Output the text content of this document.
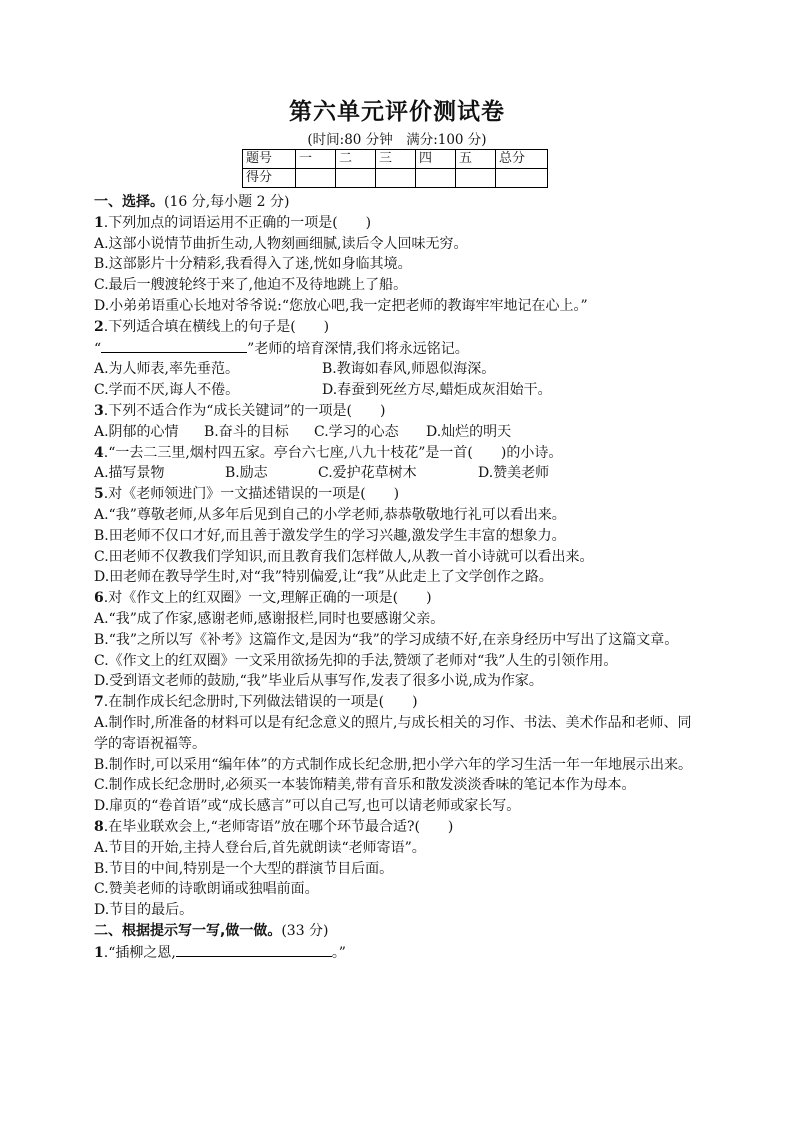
第六单元评价测试卷
(时间:80 分钟　满分:100 分)
题号	一	二	三	四	五	总分
得分						
一、选择。(16 分,每小题 2 分)
1.下列加点的词语运用不正确的一项是(　　)
A.这部小说情节曲折生动,人物刻画细腻,读后令人回味无穷。
B.这部影片十分精彩,我看得入了迷,恍如身临其境。
C.最后一艘渡轮终于来了,他迫不及待地跳上了船。
D.小弟弟语重心长地对爷爷说:“您放心吧,我一定把老师的教诲牢牢地记在心上。”
2.下列适合填在横线上的句子是(　　)
“	”老师的培育深情,我们将永远铭记。
A.为人师表,率先垂范。	B.教诲如春风,师恩似海深。
C.学而不厌,诲人不倦。	D.春蚕到死丝方尽,蜡炬成灰泪始干。
3.下列不适合作为“成长关键词”的一项是(　　)
A.阴郁的心情 B.奋斗的目标 C.学习的心态 D.灿烂的明天
4.“一去二三里,烟村四五家。亭台六七座,八九十枝花”是一首(　　)的小诗。
A.描写景物	B.励志	C.爱护花草树木	D.赞美老师
5.对《老师领进门》一文描述错误的一项是(　　)
A.“我”尊敬老师,从多年后见到自己的小学老师,恭恭敬敬地行礼可以看出来。
B.田老师不仅口才好,而且善于激发学生的学习兴趣,激发学生丰富的想象力。
C.田老师不仅教我们学知识,而且教育我们怎样做人,从教一首小诗就可以看出来。
D.田老师在教导学生时,对“我”特别偏爱,让“我”从此走上了文学创作之路。
6.对《作文上的红双圈》一文,理解正确的一项是(　　)
A.“我”成了作家,感谢老师,感谢报栏,同时也要感谢父亲。
B.“我”之所以写《补考》这篇作文,是因为“我”的学习成绩不好,在亲身经历中写出了这篇文章。
C.《作文上的红双圈》一文采用欲扬先抑的手法,赞颂了老师对“我”人生的引领作用。
D.受到语文老师的鼓励,“我”毕业后从事写作,发表了很多小说,成为作家。
7.在制作成长纪念册时,下列做法错误的一项是(　　)
A.制作时,所准备的材料可以是有纪念意义的照片,与成长相关的习作、书法、美术作品和老师、同学的寄语祝福等。
B.制作时,可以采用“编年体”的方式制作成长纪念册,把小学六年的学习生活一年一年地展示出来。
C.制作成长纪念册时,必须买一本装饰精美,带有音乐和散发淡淡香味的笔记本作为母本。
D.扉页的“卷首语”或“成长感言”可以自己写,也可以请老师或家长写。
8.在毕业联欢会上,“老师寄语”放在哪个环节最合适?(　　)
A.节目的开始,主持人登台后,首先就朗读“老师寄语”。
B.节目的中间,特别是一个大型的群演节目后面。
C.赞美老师的诗歌朗诵或独唱前面。
D.节目的最后。
二、根据提示写一写,做一做。(33 分)
1.“插柳之恩,	。”
